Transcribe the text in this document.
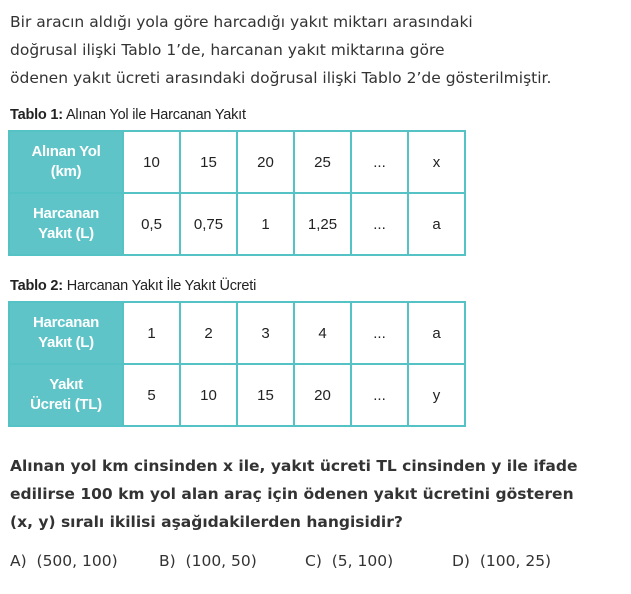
Bir aracın aldığı yola göre harcadığı yakıt miktarı arasındaki
doğrusal ilişki Tablo 1’de, harcanan yakıt miktarına göre
ödenen yakıt ücreti arasındaki doğrusal ilişki Tablo 2’de gösterilmiştir.
Tablo 1: Alınan Yol ile Harcanan Yakıt
Alınan Yol
(km)	10	15	20	25	...	x

Harcanan
Yakıt (L)	0,5	0,75	1	1,25	...	a
Tablo 2: Harcanan Yakıt İle Yakıt Ücreti
Harcanan
Yakıt (L)	1	2	3	4	...	a

Yakıt
Ücreti (TL)	5	10	15	20	...	y
Alınan yol km cinsinden x ile, yakıt ücreti TL cinsinden y ile ifade
edilirse 100 km yol alan araç için ödenen yakıt ücretini gösteren
(x, y) sıralı ikilisi aşağıdakilerden hangisidir?
A) (500, 100)	B) (100, 50)	C) (5, 100)	D) (100, 25)
